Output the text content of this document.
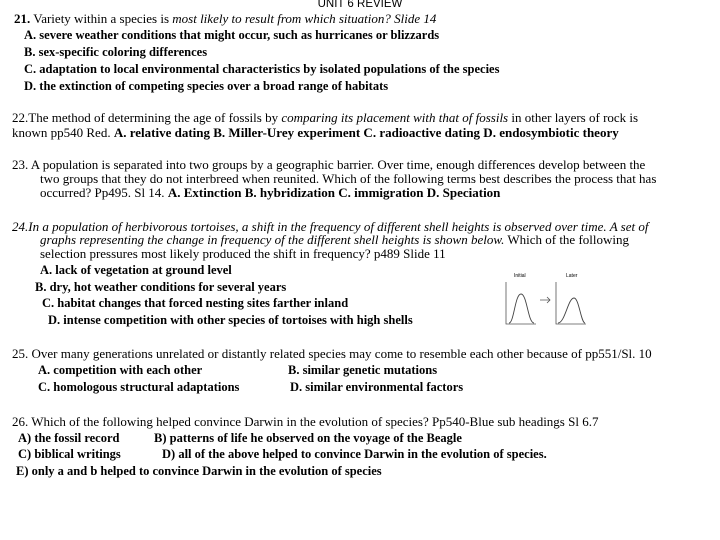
UNIT 6 REVIEW
21. Variety within a species is most likely to result from which situation? Slide 14
A. severe weather conditions that might occur, such as hurricanes or blizzards
B. sex-specific coloring differences
C. adaptation to local environmental characteristics by isolated populations of the species
D. the extinction of competing species over a broad range of habitats
22.The method of determining the age of fossils by comparing its placement with that of fossils in other layers of rock is
known pp540 Red. A. relative dating B. Miller-Urey experiment C. radioactive dating D. endosymbiotic theory
23. A population is separated into two groups by a geographic barrier. Over time, enough differences develop between the
two groups that they do not interbreed when reunited. Which of the following terms best describes the process that has
occurred? Pp495. Sl 14. A. Extinction B. hybridization C. immigration D. Speciation
24.In a population of herbivorous tortoises, a shift in the frequency of different shell heights is observed over time. A set of
graphs representing the change in frequency of the different shell heights is shown below. Which of the following
selection pressures most likely produced the shift in frequency? p489 Slide 11
A. lack of vegetation at ground level
B. dry, hot weather conditions for several years
C. habitat changes that forced nesting sites farther inland
D. intense competition with other species of tortoises with high shells
Initial	Later
25. Over many generations unrelated or distantly related species may come to resemble each other because of pp551/Sl. 10
A. competition with each other	B. similar genetic mutations
C. homologous structural adaptations	D. similar environmental factors
26. Which of the following helped convince Darwin in the evolution of species? Pp540-Blue sub headings Sl 6.7
A) the fossil record	B) patterns of life he observed on the voyage of the Beagle
C) biblical writings	D) all of the above helped to convince Darwin in the evolution of species.
E) only a and b helped to convince Darwin in the evolution of species
